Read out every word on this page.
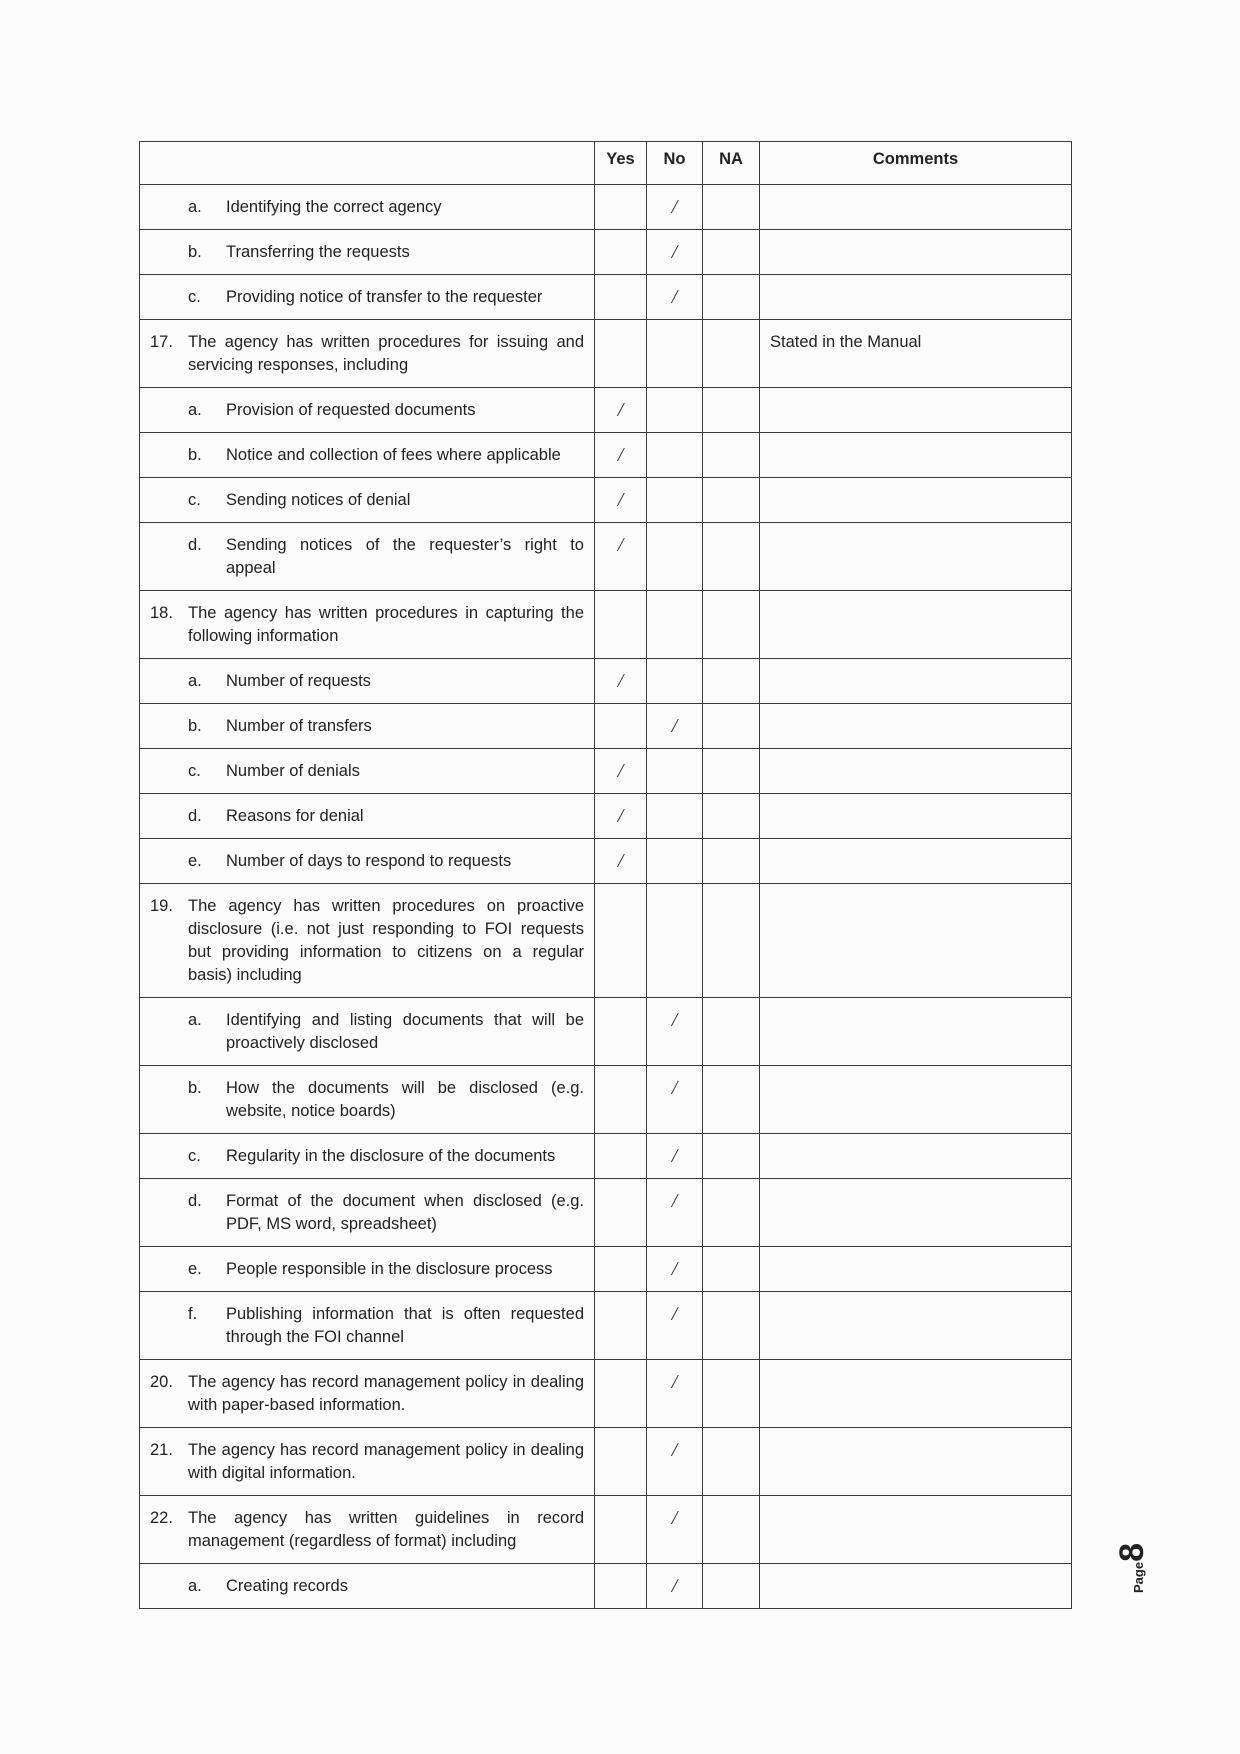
	Yes	No	NA	Comments

a. Identifying the correct agency		/		

b. Transferring the requests		/		

c. Providing notice of transfer to the requester		/		

17. The agency has written procedures for issuing and servicing responses, including				Stated in the Manual

a. Provision of requested documents	/			

b. Notice and collection of fees where applicable	/			

c. Sending notices of denial	/			

d. Sending notices of the requester’s right to appeal	/			

18. The agency has written procedures in capturing the following information				

a. Number of requests	/			

b. Number of transfers		/		

c. Number of denials	/			

d. Reasons for denial	/			

e. Number of days to respond to requests	/			

19. The agency has written procedures on proactive disclosure (i.e. not just responding to FOI requests but providing information to citizens on a regular basis) including				

a. Identifying and listing documents that will be proactively disclosed		/		

b. How the documents will be disclosed (e.g. website, notice boards)		/		

c. Regularity in the disclosure of the documents		/		

d. Format of the document when disclosed (e.g. PDF, MS word, spreadsheet)		/		

e. People responsible in the disclosure process		/		

f. Publishing information that is often requested through the FOI channel		/		

20. The agency has record management policy in dealing with paper-based information.		/		

21. The agency has record management policy in dealing with digital information.		/		

22. The agency has written guidelines in record management (regardless of format) including		/		

a. Creating records		/			Page
8
